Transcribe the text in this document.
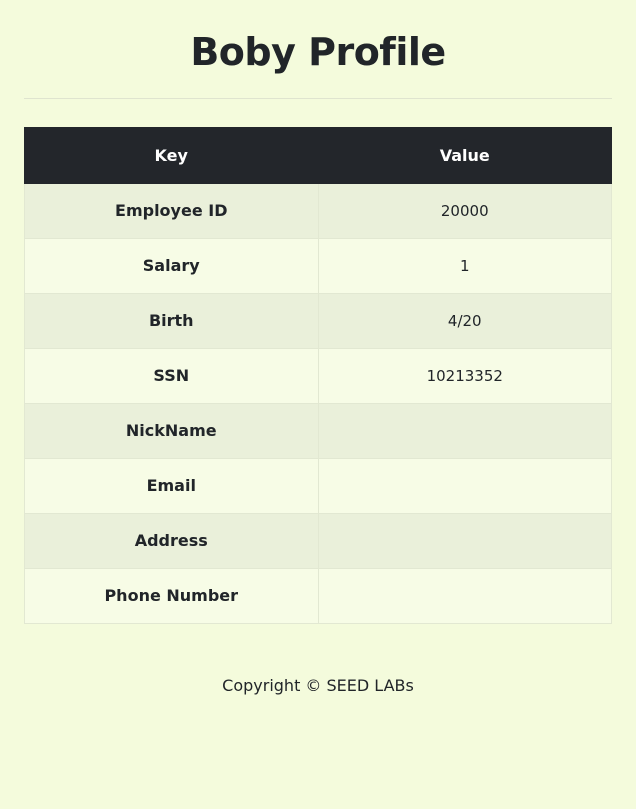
Boby Profile
Key	Value
Employee ID	20000
Salary	1
Birth	4/20
SSN	10213352
NickName	
Email	
Address	
Phone Number	
Copyright © SEED LABs
